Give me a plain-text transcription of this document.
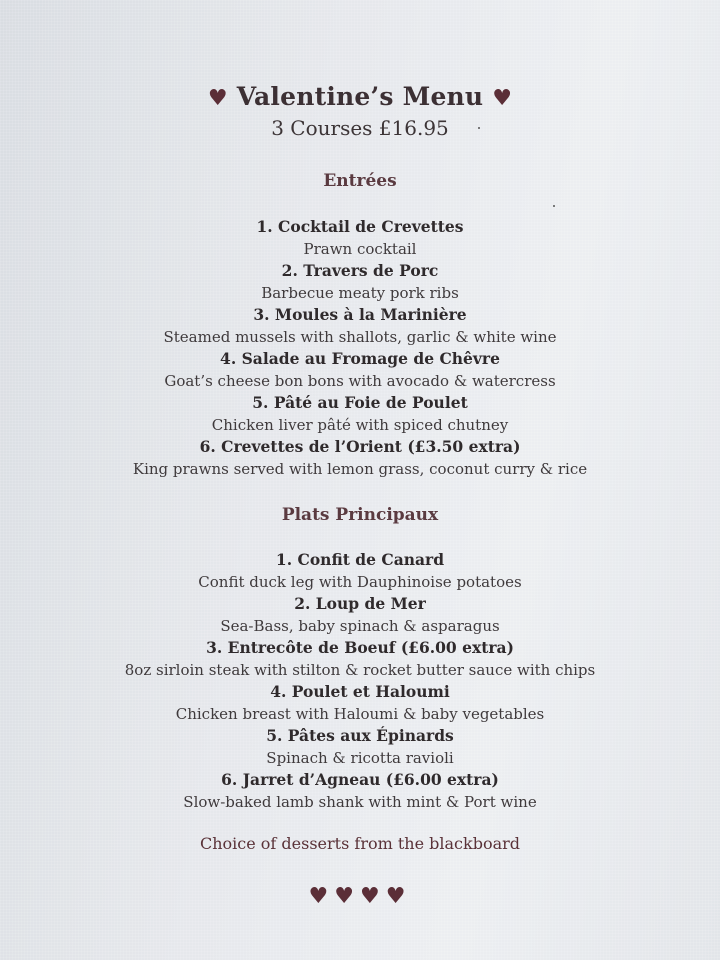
♥ Valentine’s Menu ♥
3 Courses £16.95
Entrées
1. Cocktail de Crevettes
Prawn cocktail
2. Travers de Porc
Barbecue meaty pork ribs
3. Moules à la Marinière
Steamed mussels with shallots, garlic & white wine
4. Salade au Fromage de Chêvre
Goat’s cheese bon bons with avocado & watercress
5. Pâté au Foie de Poulet
Chicken liver pâté with spiced chutney
6. Crevettes de l’Orient (£3.50 extra)
King prawns served with lemon grass, coconut curry & rice
Plats Principaux
1. Confit de Canard
Confit duck leg with Dauphinoise potatoes
2. Loup de Mer
Sea-Bass, baby spinach & asparagus
3. Entrecôte de Boeuf (£6.00 extra)
8oz sirloin steak with stilton & rocket butter sauce with chips
4. Poulet et Haloumi
Chicken breast with Haloumi & baby vegetables
5. Pâtes aux Épinards
Spinach & ricotta ravioli
6. Jarret d’Agneau (£6.00 extra)
Slow-baked lamb shank with mint & Port wine
Choice of desserts from the blackboard
♥♥♥♥
